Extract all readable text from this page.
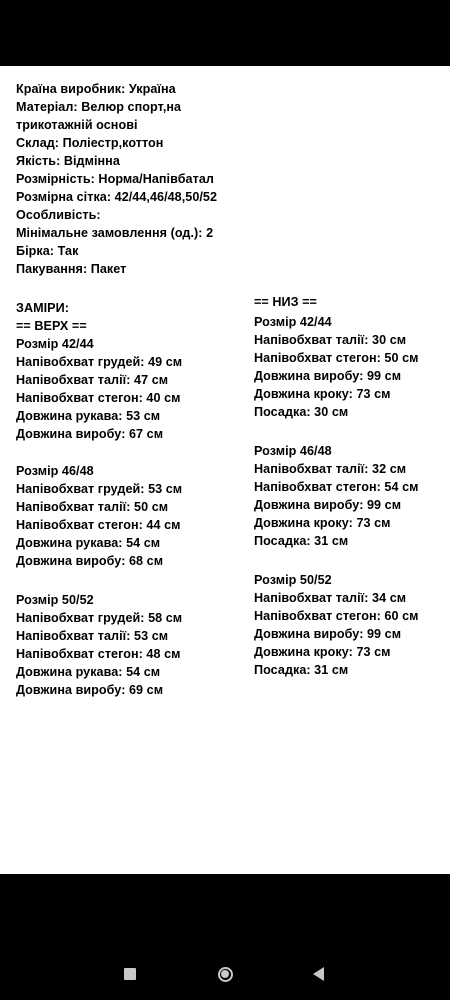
Країна виробник: Україна
Матеріал: Велюр спорт,на
трикотажній основі
Склад: Поліестр,коттон
Якість: Відмінна
Розмірність: Норма/Напівбатал
Розмірна сітка: 42/44,46/48,50/52
Особливість:
Мінімальне замовлення (од.): 2
Бірка: Так
Пакування: Пакет
ЗАМІРИ:
== ВЕРХ ==
Розмір 42/44
Напівобхват грудей: 49 см
Напівобхват талії: 47 см
Напівобхват стегон: 40 см
Довжина рукава: 53 см
Довжина виробу: 67 см
Розмір 46/48
Напівобхват грудей: 53 см
Напівобхват талії: 50 см
Напівобхват стегон: 44 см
Довжина рукава: 54 см
Довжина виробу: 68 см
Розмір 50/52
Напівобхват грудей: 58 см
Напівобхват талії: 53 см
Напівобхват стегон: 48 см
Довжина рукава: 54 см
Довжина виробу: 69 см
== НИЗ ==
Розмір 42/44
Напівобхват талії: 30 см
Напівобхват стегон: 50 см
Довжина виробу: 99 см
Довжина кроку: 73 см
Посадка: 30 см
Розмір 46/48
Напівобхват талії: 32 см
Напівобхват стегон: 54 см
Довжина виробу: 99 см
Довжина кроку: 73 см
Посадка: 31 см
Розмір 50/52
Напівобхват талії: 34 см
Напівобхват стегон: 60 см
Довжина виробу: 99 см
Довжина кроку: 73 см
Посадка: 31 см
